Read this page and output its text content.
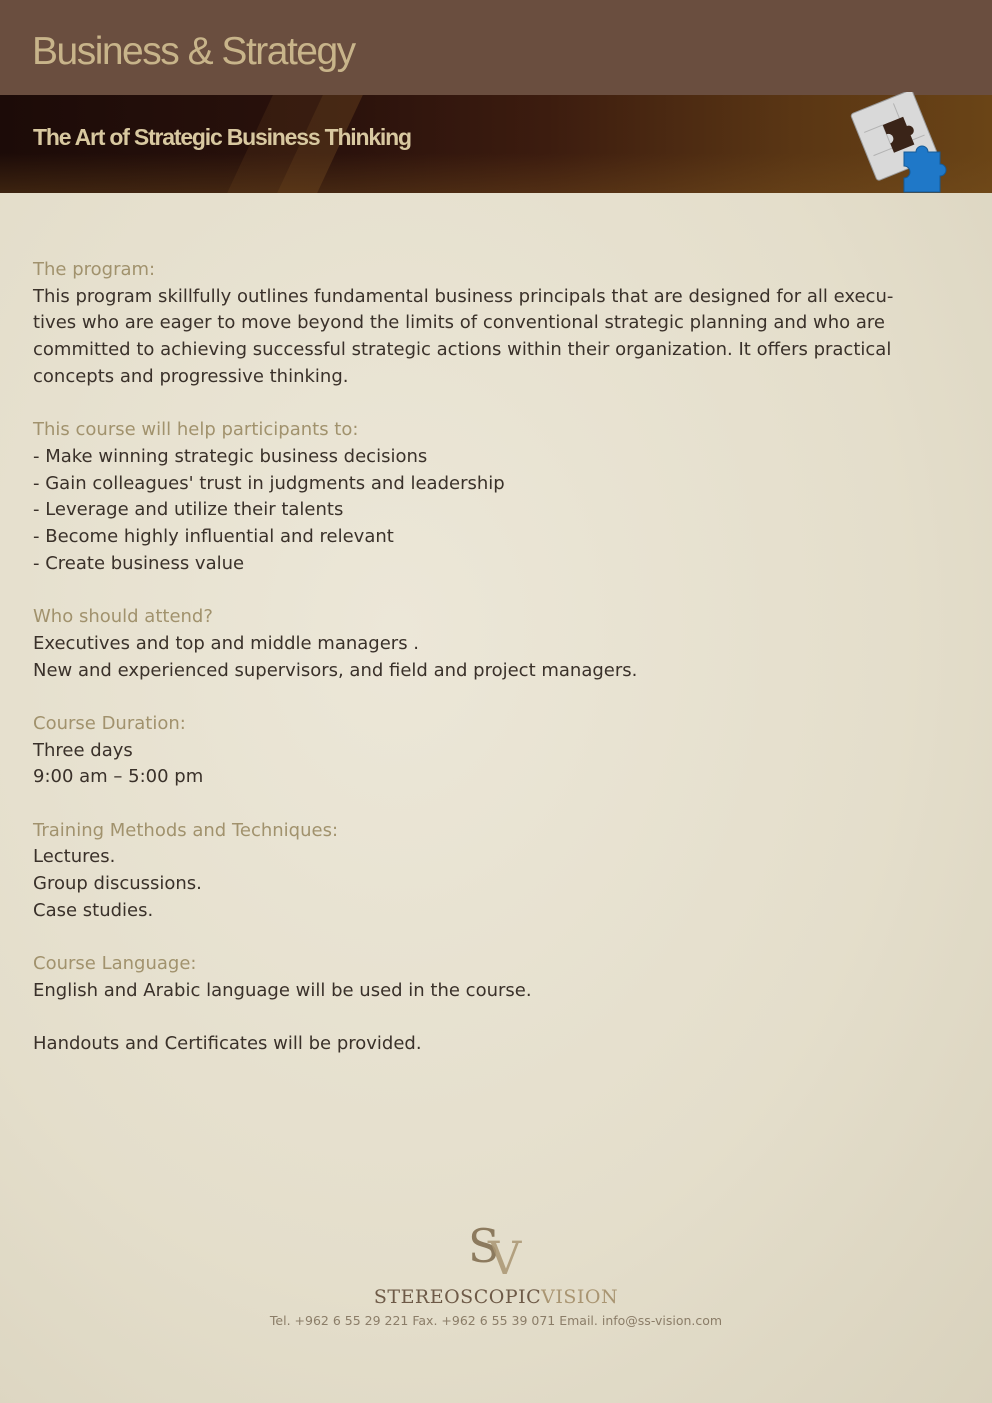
Business & Strategy
The Art of Strategic Business Thinking

The program:

This program skillfully outlines fundamental business principals that are designed for all execu-

tives who are eager to move beyond the limits of conventional strategic planning and who are

committed to achieving successful strategic actions within their organization. It offers practical

concepts and progressive thinking.

This course will help participants to:

- Make winning strategic business decisions

- Gain colleagues' trust in judgments and leadership

- Leverage and utilize their talents

- Become highly influential and relevant

- Create business value

Who should attend?

Executives and top and middle managers .

New and experienced supervisors, and field and project managers.

Course Duration:

Three days

9:00 am – 5:00 pm

Training Methods and Techniques:

Lectures.

Group discussions.

Case studies.

Course Language:

English and Arabic language will be used in the course.

Handouts and Certificates will be provided.

S
V
STEREOSCOPICVISION
Tel. +962 6 55 29 221 Fax. +962 6 55 39 071 Email. info@ss-vision.com
